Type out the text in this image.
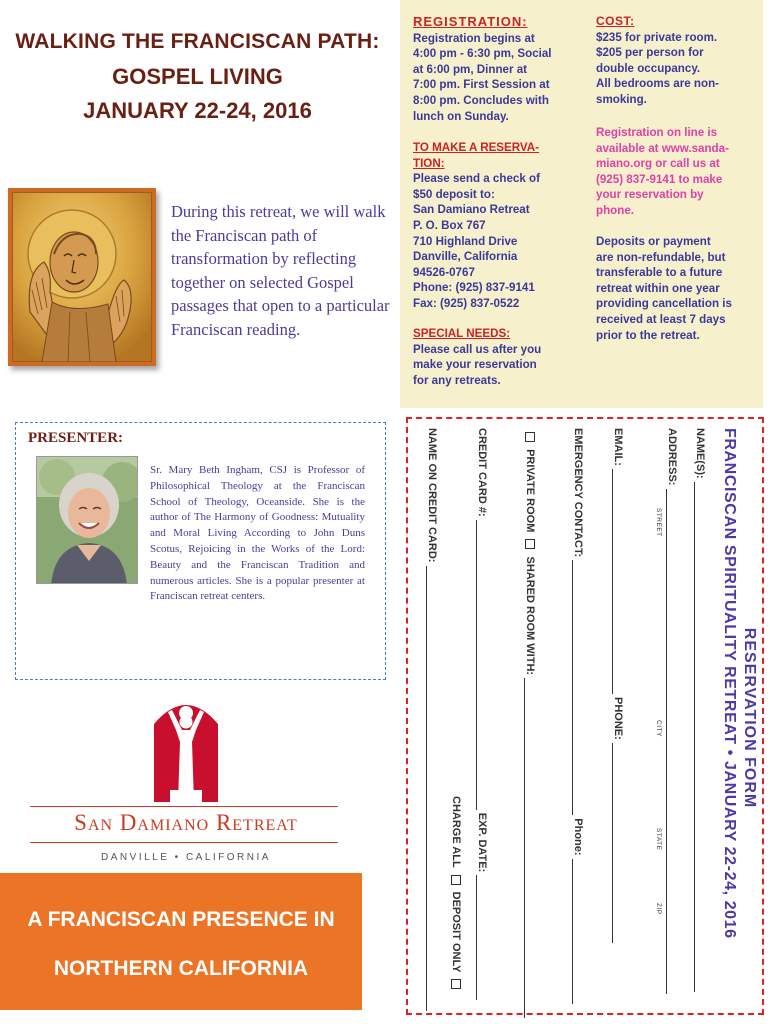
WALKING THE FRANCISCAN PATH:
GOSPEL LIVING
JANUARY 22-24, 2016
During this retreat, we will walk the Franciscan path of transformation by reflecting together on selected Gospel passages that open to a particular Franciscan reading.
PRESENTER:
Sr. Mary Beth Ingham, CSJ is Professor of Philosophical Theology at the Franciscan School of Theology, Oceanside. She is the author of The Harmony of Goodness: Mutuality and Moral Living According to John Duns Scotus, Rejoicing in the Works of the Lord: Beauty and the Franciscan Tradition and numerous articles. She is a popular presenter at Franciscan retreat centers.
San Damiano Retreat
DANVILLE • CALIFORNIA
A FRANCISCAN PRESENCE IN
NORTHERN CALIFORNIA
REGISTRATION:
Registration begins at
4:00 pm - 6:30 pm, Social
at 6:00 pm, Dinner at
7:00 pm. First Session at
8:00 pm. Concludes with
lunch on Sunday.
TO MAKE A RESERVA-
TION:
Please send a check of
$50 deposit to:
San Damiano Retreat
P. O. Box 767
710 Highland Drive
Danville, California
94526-0767
Phone: (925) 837-9141
Fax: (925) 837-0522
SPECIAL NEEDS:
Please call us after you
make your reservation
for any retreats.
COST:
$235 for private room.
$205 per person for
double occupancy.
All bedrooms are non-
smoking.
Registration on line is
available at www.sanda-
miano.org or call us at
(925) 837-9141 to make
your reservation by
phone.
Deposits or payment
are non-refundable, but
transferable to a future
retreat within one year
providing cancellation is
received at least 7 days
prior to the retreat.
RESERVATION FORM
FRANCISCAN SPIRITUALITY RETREAT • JANUARY 22-24, 2016
NAME(S):
ADDRESS:
STREET
CITY
STATE
ZIP
EMAIL:  PHONE:
EMERGENCY CONTACT:  Phone:
PRIVATE ROOM  SHARED ROOM WITH:
CREDIT CARD #:  EXP. DATE:
CHARGE ALL  DEPOSIT ONLY
NAME ON CREDIT CARD:
